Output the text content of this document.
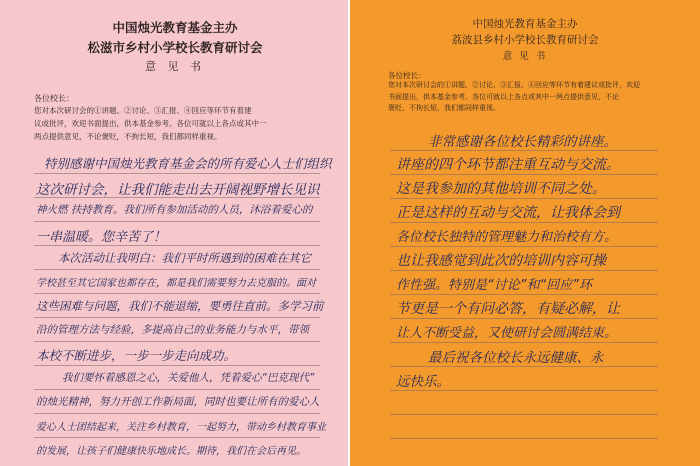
中国烛光教育基金主办
松滋市乡村小学校长教育研讨会
意 见 书
各位校长：
您对本次研讨会的①讲题、②讨论、③汇报、④回应等环节有着建
议或批评，欢迎书面提出，供本基金参考。各位可就以上各点或其中一
两点提供意见，不论褒贬，不拘长短，我们都同样重视。
特别感谢中国烛光教育基金会的所有爱心人士们组织
这次研讨会，让我们能走出去开阔视野增长见识
神火燃 扶持教育。我们所有参加活动的人员，沐浴着爱心的
一串温暖。您辛苦了！
本次活动让我明白：我们平时所遇到的困难在其它
学校甚至其它国家也都存在，都是我们需要努力去克服的。面对
这些困难与问题，我们不能退缩，要勇往直前。多学习前
沿的管理方法与经验，多提高自己的业务能力与水平，带领
本校不断进步，一步一步走向成功。
我们要怀着感恩之心，关爱他人，凭着爱心“巴克现代”
的烛光精神，努力开创工作新局面，同时也要让所有的爱心人
爱心人士团结起来，关注乡村教育，一起努力，带动乡村教育事业
的发展，让孩子们健康快乐地成长。期待，我们在会后再见。
中国烛光教育基金主办
荔波县乡村小学校长教育研讨会
意 见 书
各位校长：
您对本次研讨会的①讲题、②讨论、③汇报、④回应等环节有着建议或批评，欢迎
书面提出，供本基金参考。各位可就以上各点或其中一两点提供意见，不论
褒贬，不拘长短，我们都同样重视。
非常感谢各位校长精彩的讲座。
讲座的四个环节都注重互动与交流。
这是我参加的其他培训不同之处。
正是这样的互动与交流，让我体会到
各位校长独特的管理魅力和治校有方。
也让我感觉到此次的培训内容可操
作性强。特别是“讨论”和“回应”环
节更是一个有问必答，有疑必解，让
让人不断受益，又使研讨会圆满结束。
最后祝各位校长永远健康、永
远快乐。
